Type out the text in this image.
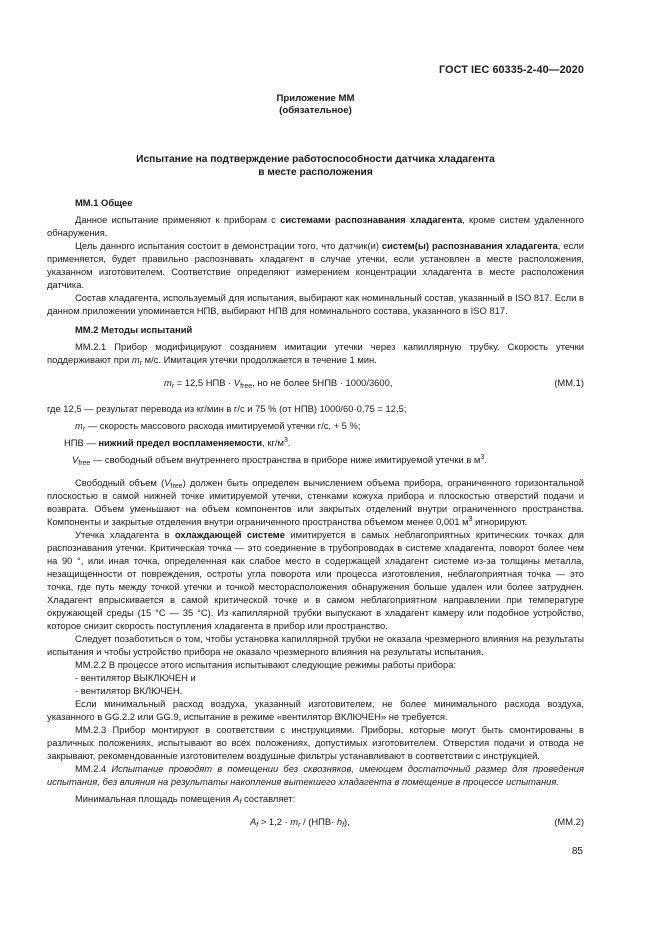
ГОСТ IEC 60335-2-40—2020
Приложение ММ
(обязательное)
Испытание на подтверждение работоспособности датчика хладагента
в месте расположения

ММ.1 Общее

Данное испытание применяют к приборам с системами распознавания хладагента, кроме систем удаленного обнаружения.

Цель данного испытания состоит в демонстрации того, что датчик(и) систем(ы) распознавания хладагента, если применяется, будет правильно распознавать хладагент в случае утечки, если установлен в месте расположения, указанном изготовителем. Соответствие определяют измерением концентрации хладагента в месте расположения датчика.

Состав хладагента, используемый для испытания, выбирают как номинальный состав, указанный в ISO 817. Если в данном приложении упоминается НПВ, выбирают НПВ для номинального состава, указанного в ISO 817.

ММ.2 Методы испытаний

ММ.2.1 Прибор модифицируют созданием имитации утечки через капиллярную трубку. Скорость утечки поддерживают при $m_r$ м/с. Имитация утечки продолжается в течение 1 мин.

$m_r = 12,5$ НПВ · $V_{free}$, но не более 5НПВ · 1000/3600,	(ММ.1)

где 12,5 — результат перевода из кг/мин в г/с и 75 % (от НПВ) 1000/60·0,75 = 12,5;

$m_r$ — скорость массового расхода имитируемой утечки г/с, + 5 %;

НПВ — нижний предел воспламеняемости, $кг/м^3$.

$V_{free}$ — свободный объем внутреннего пространства в приборе ниже имитируемой утечки в $м^3$.

Свободный объем $(V_{free})$ должен быть определен вычислением объема прибора, ограниченного горизонтальной плоскостью в самой нижней точке имитируемой утечки, стенками кожуха прибора и плоскостью отверстий подачи и возврата. Объем уменьшают на объем компонентов или закрытых отделений внутри ограниченного пространства. Компоненты и закрытые отделения внутри ограниченного пространства объемом менее 0,001 $м^3$ игнорируют.

Утечка хладагента в охлаждающей системе имитируется в самых неблагоприятных критических точках для распознавания утечки. Критическая точка — это соединение в трубопроводах в системе хладагента, поворот более чем на 90 °, или иная точка, определенная как слабое место в содержащей хладагент системе из-за толщины металла, незащищенности от повреждения, остроты угла поворота или процесса изготовления, неблагоприятная точка — это точка, где путь между точкой утечки и точкой месторасположения обнаружения больше удален или более затруднен. Хладагент впрыскивается в самой критической точке и в самом неблагоприятном направлении при температуре окружающей среды (15 °C — 35 °C). Из капиллярной трубки выпускают в хладагент камеру или подобное устройство, которое снизит скорость поступления хладагента в прибор или пространство.

Следует позаботиться о том, чтобы установка капиллярной трубки не оказала чрезмерного влияния на результаты испытания и чтобы устройство прибора не оказало чрезмерного влияния на результаты испытания.

ММ.2.2 В процессе этого испытания испытывают следующие режимы работы прибора:

- вентилятор ВЫКЛЮЧЕН и

- вентилятор ВКЛЮЧЕН.

Если минимальный расход воздуха, указанный изготовителем, не более минимального расхода воздуха, указанного в GG.2.2 или GG.9, испытание в режиме «вентилятор ВКЛЮЧЕН» не требуется.

ММ.2.3 Прибор монтируют в соответствии с инструкциями. Приборы, которые могут быть смонтированы в различных положениях, испытывают во всех положениях, допустимых изготовителем. Отверстия подачи и отвода не закрывают, рекомендованные изготовителем воздушные фильтры устанавливают в соответствии с инструкцией.

ММ.2.4 Испытание проводят в помещении без сквозняков, имеющем достаточный размер для проведения испытания, без влияния на результаты накопления вытекшего хладагента в помещение в процессе испытания.

Минимальная площадь помещения $A_f$ составляет:

$A_f > 1,2 \cdot m_r / (НПВ\cdot h_f)$,	(ММ.2)
85
